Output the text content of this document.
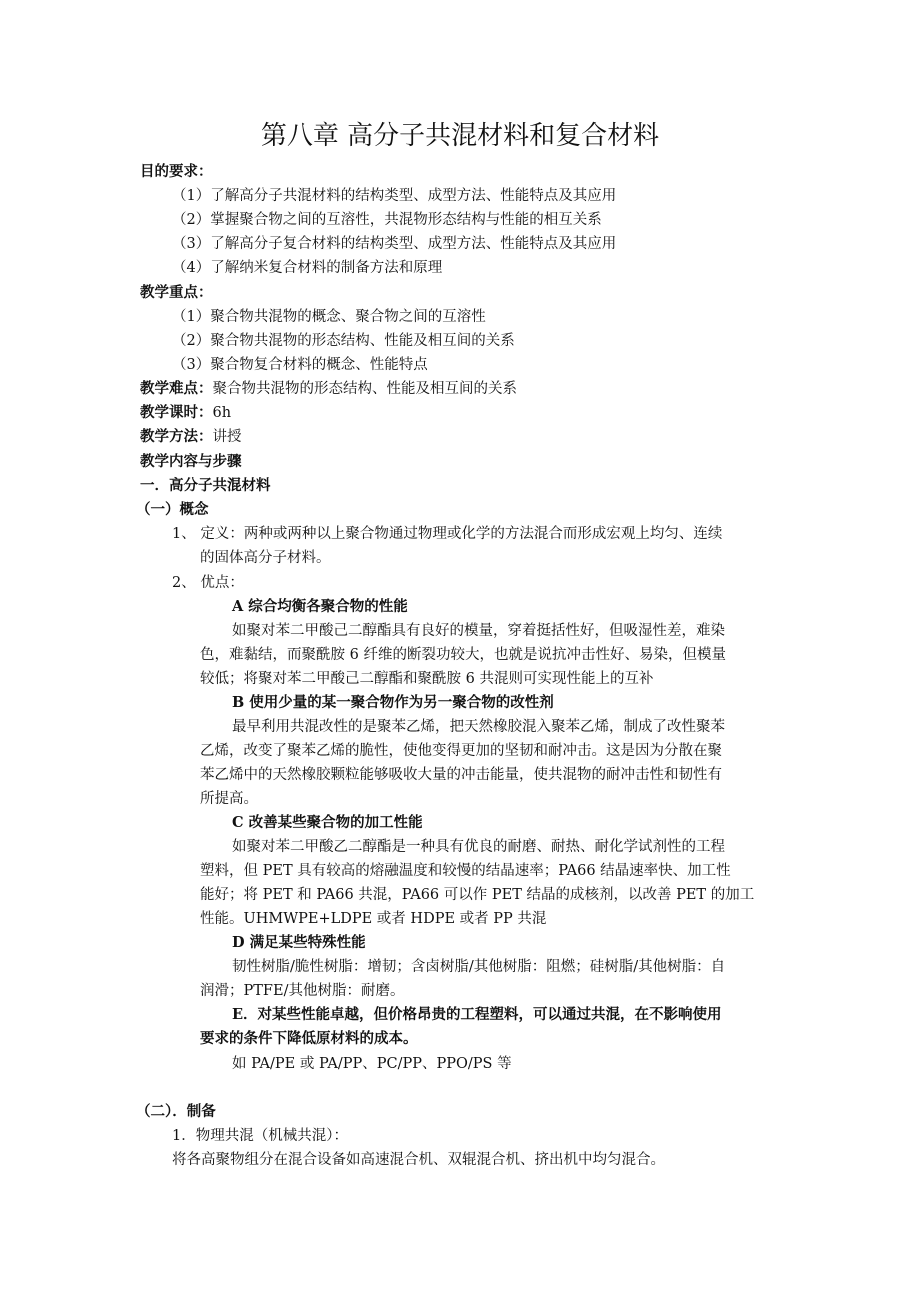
第八章 高分子共混材料和复合材料
目的要求：
（1）了解高分子共混材料的结构类型、成型方法、性能特点及其应用
（2）掌握聚合物之间的互溶性，共混物形态结构与性能的相互关系
（3）了解高分子复合材料的结构类型、成型方法、性能特点及其应用
（4）了解纳米复合材料的制备方法和原理
教学重点：
（1）聚合物共混物的概念、聚合物之间的互溶性
（2）聚合物共混物的形态结构、性能及相互间的关系
（3）聚合物复合材料的概念、性能特点
教学难点：聚合物共混物的形态结构、性能及相互间的关系
教学课时：6h
教学方法：讲授
教学内容与步骤
一．高分子共混材料
（一）概念
1、 定义：两种或两种以上聚合物通过物理或化学的方法混合而形成宏观上均匀、连续
的固体高分子材料。
2、 优点：
A 综合均衡各聚合物的性能
如聚对苯二甲酸己二醇酯具有良好的模量，穿着挺括性好，但吸湿性差，难染
色，难黏结，而聚酰胺 6 纤维的断裂功较大，也就是说抗冲击性好、易染，但模量
较低；将聚对苯二甲酸己二醇酯和聚酰胺 6 共混则可实现性能上的互补
B 使用少量的某一聚合物作为另一聚合物的改性剂
最早利用共混改性的是聚苯乙烯，把天然橡胶混入聚苯乙烯，制成了改性聚苯
乙烯，改变了聚苯乙烯的脆性，使他变得更加的坚韧和耐冲击。这是因为分散在聚
苯乙烯中的天然橡胶颗粒能够吸收大量的冲击能量，使共混物的耐冲击性和韧性有
所提高。
C 改善某些聚合物的加工性能
如聚对苯二甲酸乙二醇酯是一种具有优良的耐磨、耐热、耐化学试剂性的工程
塑料，但 PET 具有较高的熔融温度和较慢的结晶速率；PA66 结晶速率快、加工性
能好；将 PET 和 PA66 共混，PA66 可以作 PET 结晶的成核剂，以改善 PET 的加工
性能。UHMWPE+LDPE 或者 HDPE 或者 PP 共混
D 满足某些特殊性能
韧性树脂/脆性树脂：增韧；含卤树脂/其他树脂：阻燃；硅树脂/其他树脂：自
润滑；PTFE/其他树脂：耐磨。
E．对某些性能卓越，但价格昂贵的工程塑料，可以通过共混，在不影响使用
要求的条件下降低原材料的成本。
如 PA/PE 或 PA/PP、PC/PP、PPO/PS 等
（二）．制备
1．物理共混（机械共混）：
将各高聚物组分在混合设备如高速混合机、双辊混合机、挤出机中均匀混合。
